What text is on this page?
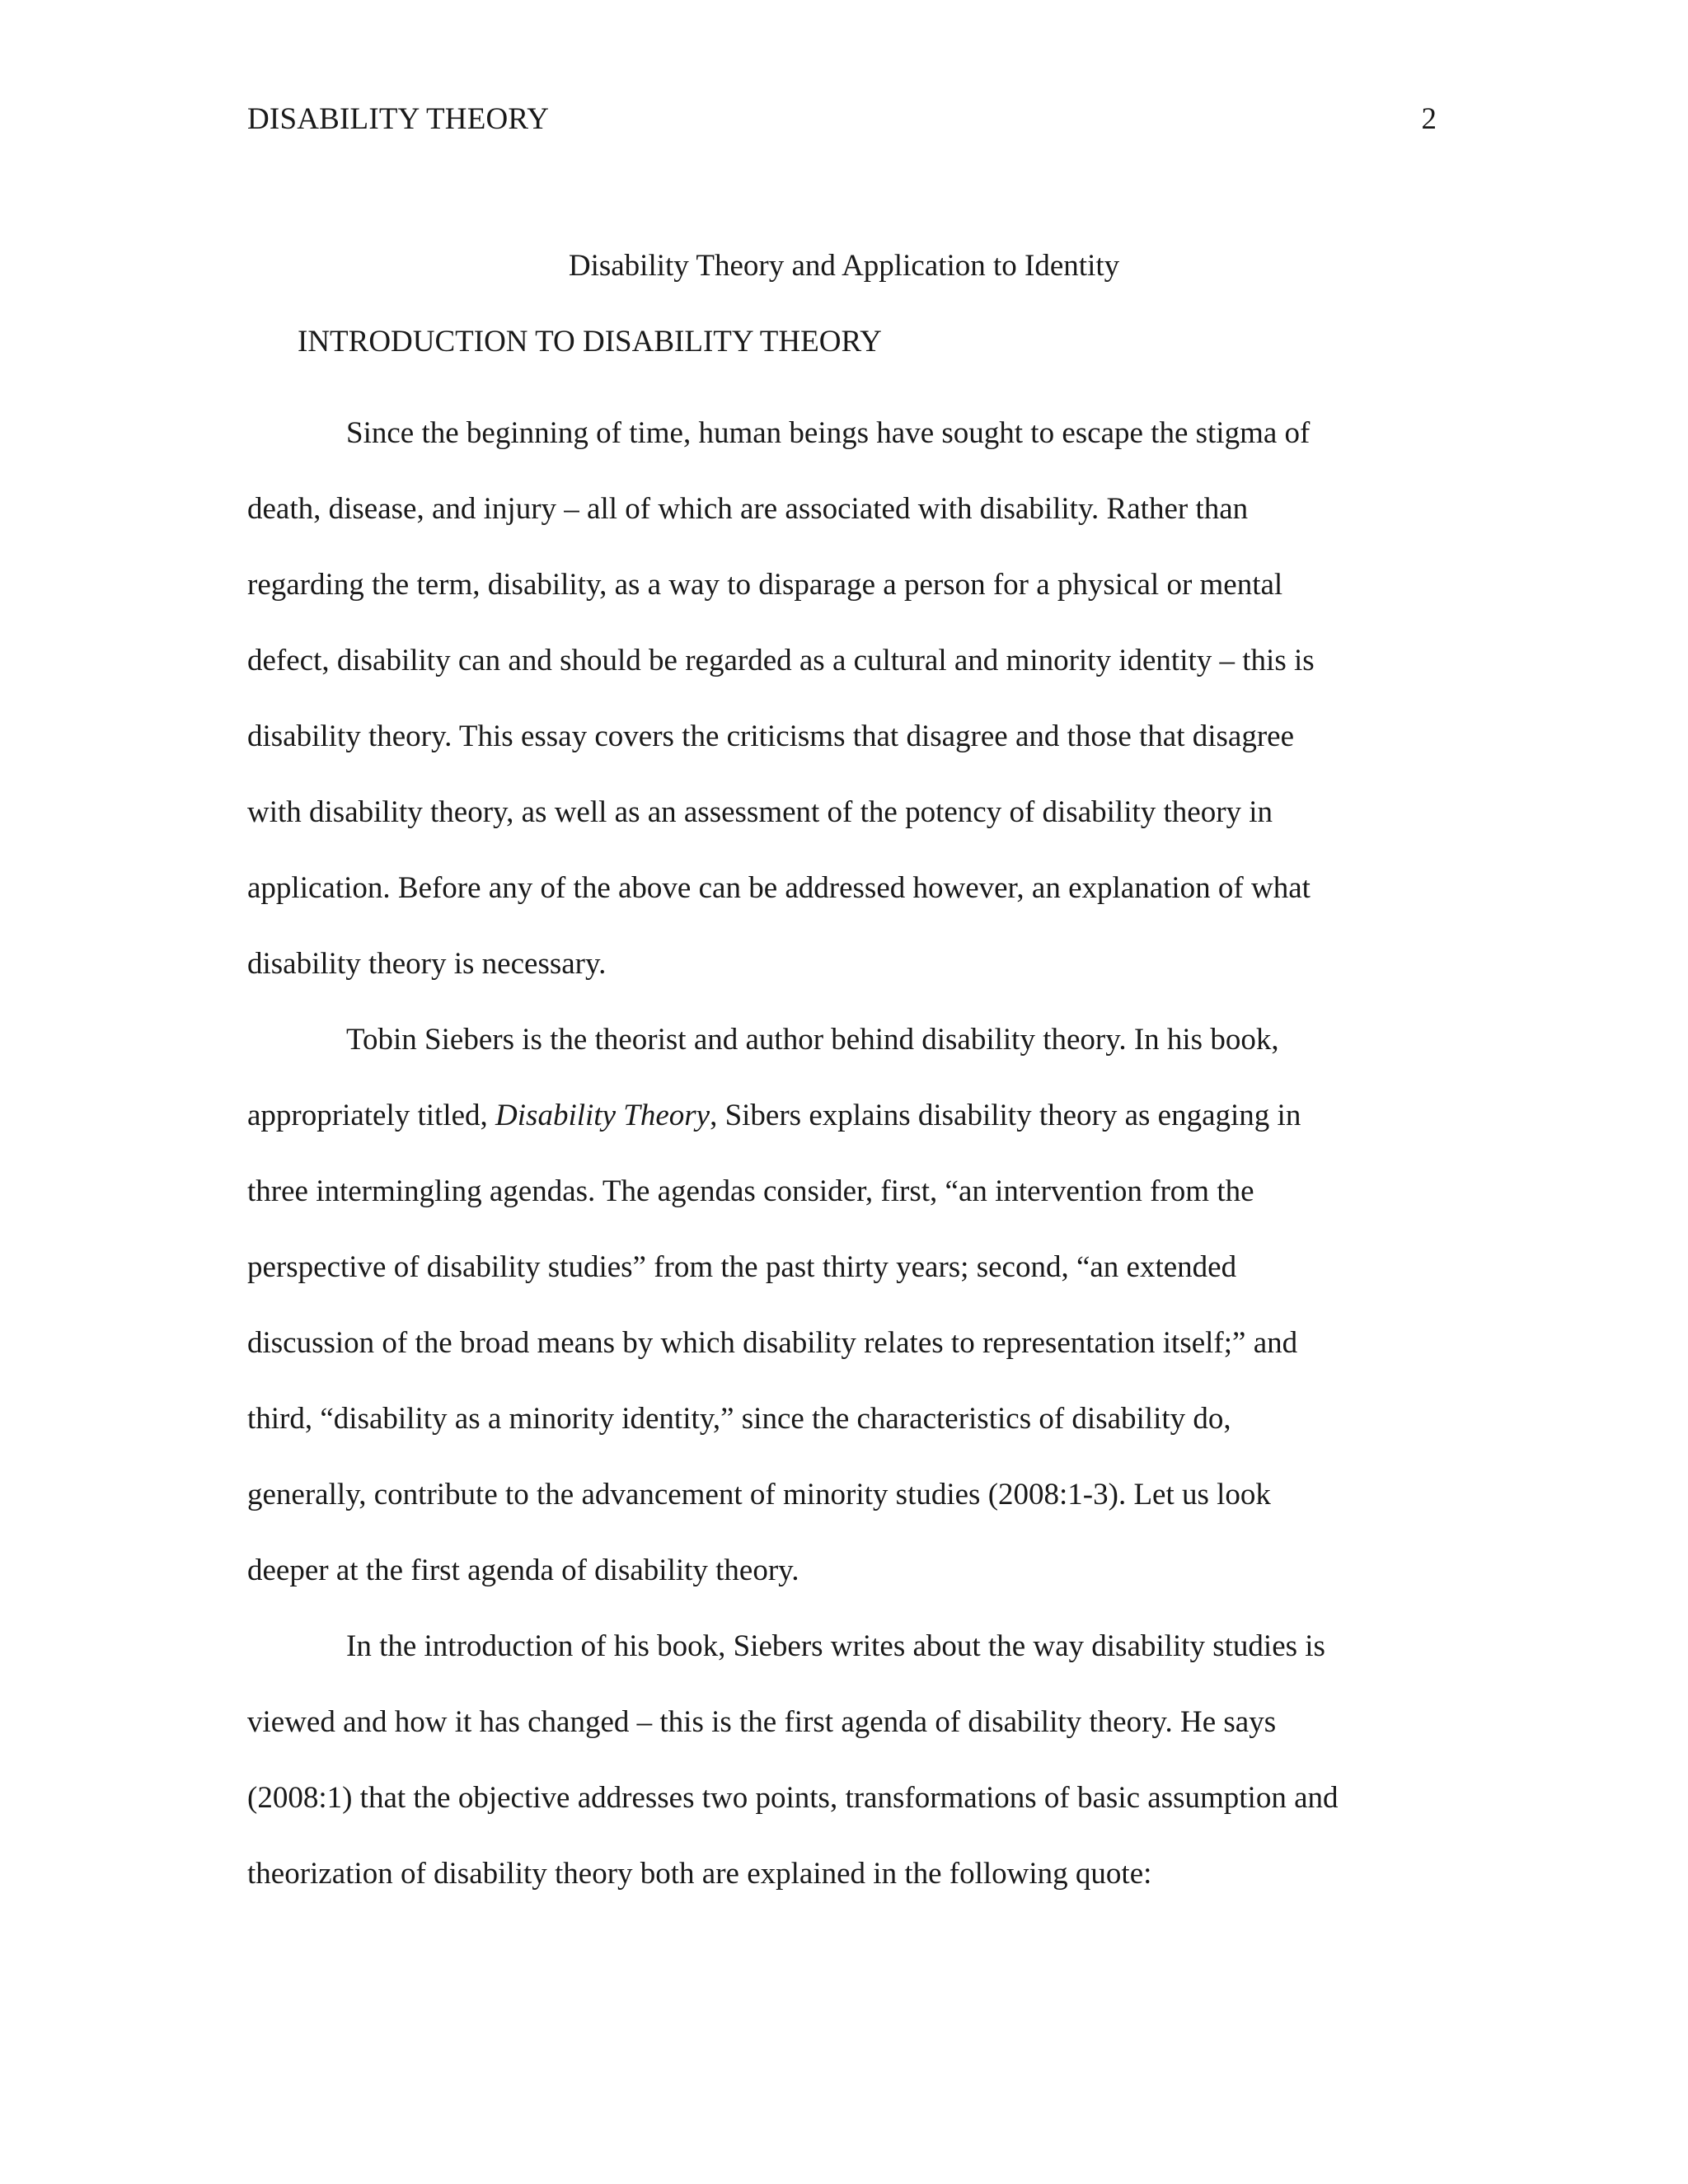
DISABILITY THEORY	2
Disability Theory and Application to Identity
INTRODUCTION TO DISABILITY THEORY

Since the beginning of time, human beings have sought to escape the stigma of
death, disease, and injury – all of which are associated with disability. Rather than
regarding the term, disability, as a way to disparage a person for a physical or mental
defect, disability can and should be regarded as a cultural and minority identity – this is
disability theory. This essay covers the criticisms that disagree and those that disagree
with disability theory, as well as an assessment of the potency of disability theory in
application. Before any of the above can be addressed however, an explanation of what
disability theory is necessary.

Tobin Siebers is the theorist and author behind disability theory. In his book,
appropriately titled, Disability Theory, Sibers explains disability theory as engaging in
three intermingling agendas. The agendas consider, first, “an intervention from the
perspective of disability studies” from the past thirty years; second, “an extended
discussion of the broad means by which disability relates to representation itself;” and
third, “disability as a minority identity,” since the characteristics of disability do,
generally, contribute to the advancement of minority studies (2008:1-3). Let us look
deeper at the first agenda of disability theory.

In the introduction of his book, Siebers writes about the way disability studies is
viewed and how it has changed – this is the first agenda of disability theory. He says
(2008:1) that the objective addresses two points, transformations of basic assumption and
theorization of disability theory both are explained in the following quote:
